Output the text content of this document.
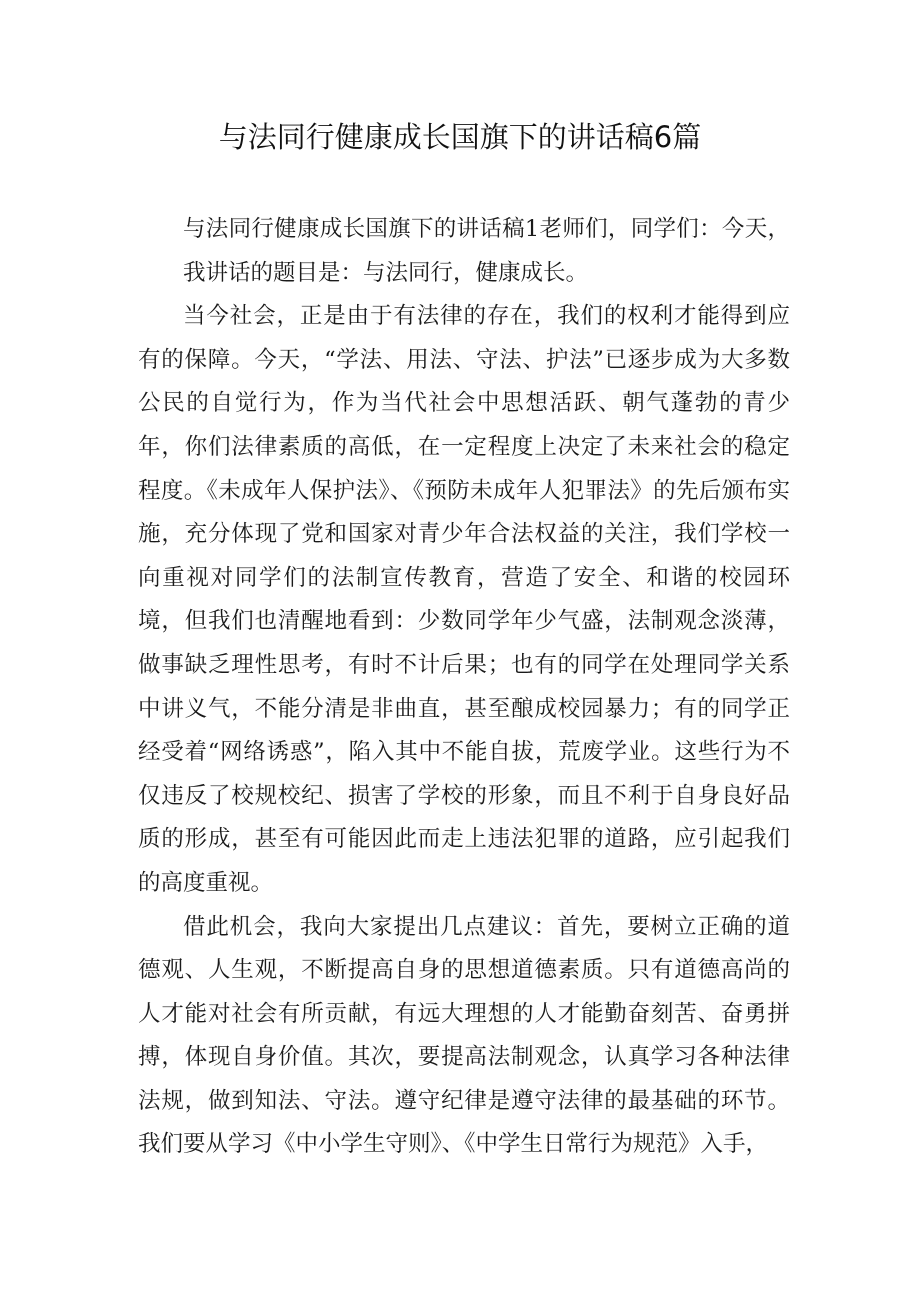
与法同行健康成长国旗下的讲话稿6篇

与法同行健康成长国旗下的讲话稿1老师们，同学们：今天，我讲话的题目是：与法同行，健康成长。

当今社会，正是由于有法律的存在，我们的权利才能得到应有的保障。今天，“学法、用法、守法、护法”已逐步成为大多数公民的自觉行为，作为当代社会中思想活跃、朝气蓬勃的青少年，你们法律素质的高低，在一定程度上决定了未来社会的稳定程度。《未成年人保护法》、《预防未成年人犯罪法》的先后颁布实施，充分体现了党和国家对青少年合法权益的关注，我们学校一向重视对同学们的法制宣传教育，营造了安全、和谐的校园环境，但我们也清醒地看到：少数同学年少气盛，法制观念淡薄，做事缺乏理性思考，有时不计后果；也有的同学在处理同学关系中讲义气，不能分清是非曲直，甚至酿成校园暴力；有的同学正经受着“网络诱惑”，陷入其中不能自拔，荒废学业。这些行为不仅违反了校规校纪、损害了学校的形象，而且不利于自身良好品质的形成，甚至有可能因此而走上违法犯罪的道路，应引起我们的高度重视。

借此机会，我向大家提出几点建议：首先，要树立正确的道德观、人生观，不断提高自身的思想道德素质。只有道德高尚的人才能对社会有所贡献，有远大理想的人才能勤奋刻苦、奋勇拼搏，体现自身价值。其次，要提高法制观念，认真学习各种法律法规，做到知法、守法。遵守纪律是遵守法律的最基础的环节。我们要从学习《中小学生守则》、《中学生日常行为规范》入手，
